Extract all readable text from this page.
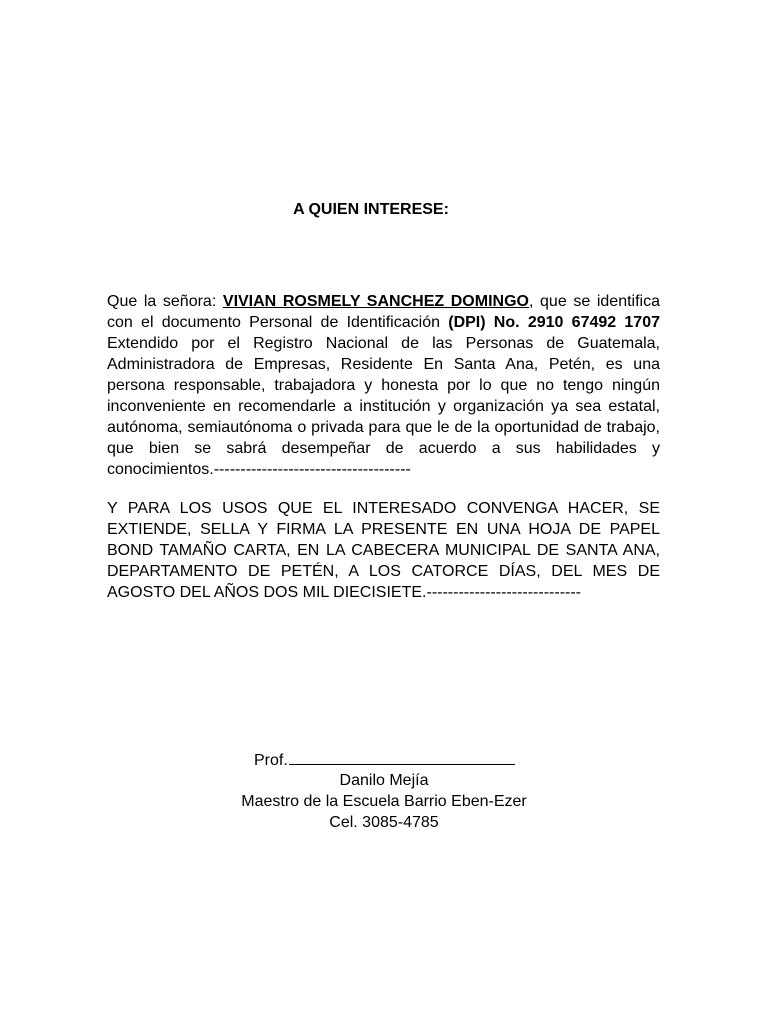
A QUIEN INTERESE:

Que la señora: VIVIAN ROSMELY SANCHEZ DOMINGO, que se identifica con el documento Personal de Identificación (DPI) No. 2910 67492 1707 Extendido por el Registro Nacional de las Personas de Guatemala, Administradora de Empresas, Residente En Santa Ana, Petén, es una persona responsable, trabajadora y honesta por lo que no tengo ningún inconveniente en recomendarle a institución y organización ya sea estatal, autónoma, semiautónoma o privada para que le de la oportunidad de trabajo, que bien se sabrá desempeñar de acuerdo a sus habilidades y conocimientos.-------------------------------------

Y PARA LOS USOS QUE EL INTERESADO CONVENGA HACER, SE EXTIENDE, SELLA Y FIRMA LA PRESENTE EN UNA HOJA DE PAPEL BOND TAMAÑO CARTA, EN LA CABECERA MUNICIPAL DE SANTA ANA, DEPARTAMENTO DE PETÉN, A LOS CATORCE DÍAS, DEL MES DE AGOSTO DEL AÑOS DOS MIL DIECISIETE.-----------------------------

Prof.
Danilo Mejía
Maestro de la Escuela Barrio Eben-Ezer
Cel. 3085-4785
